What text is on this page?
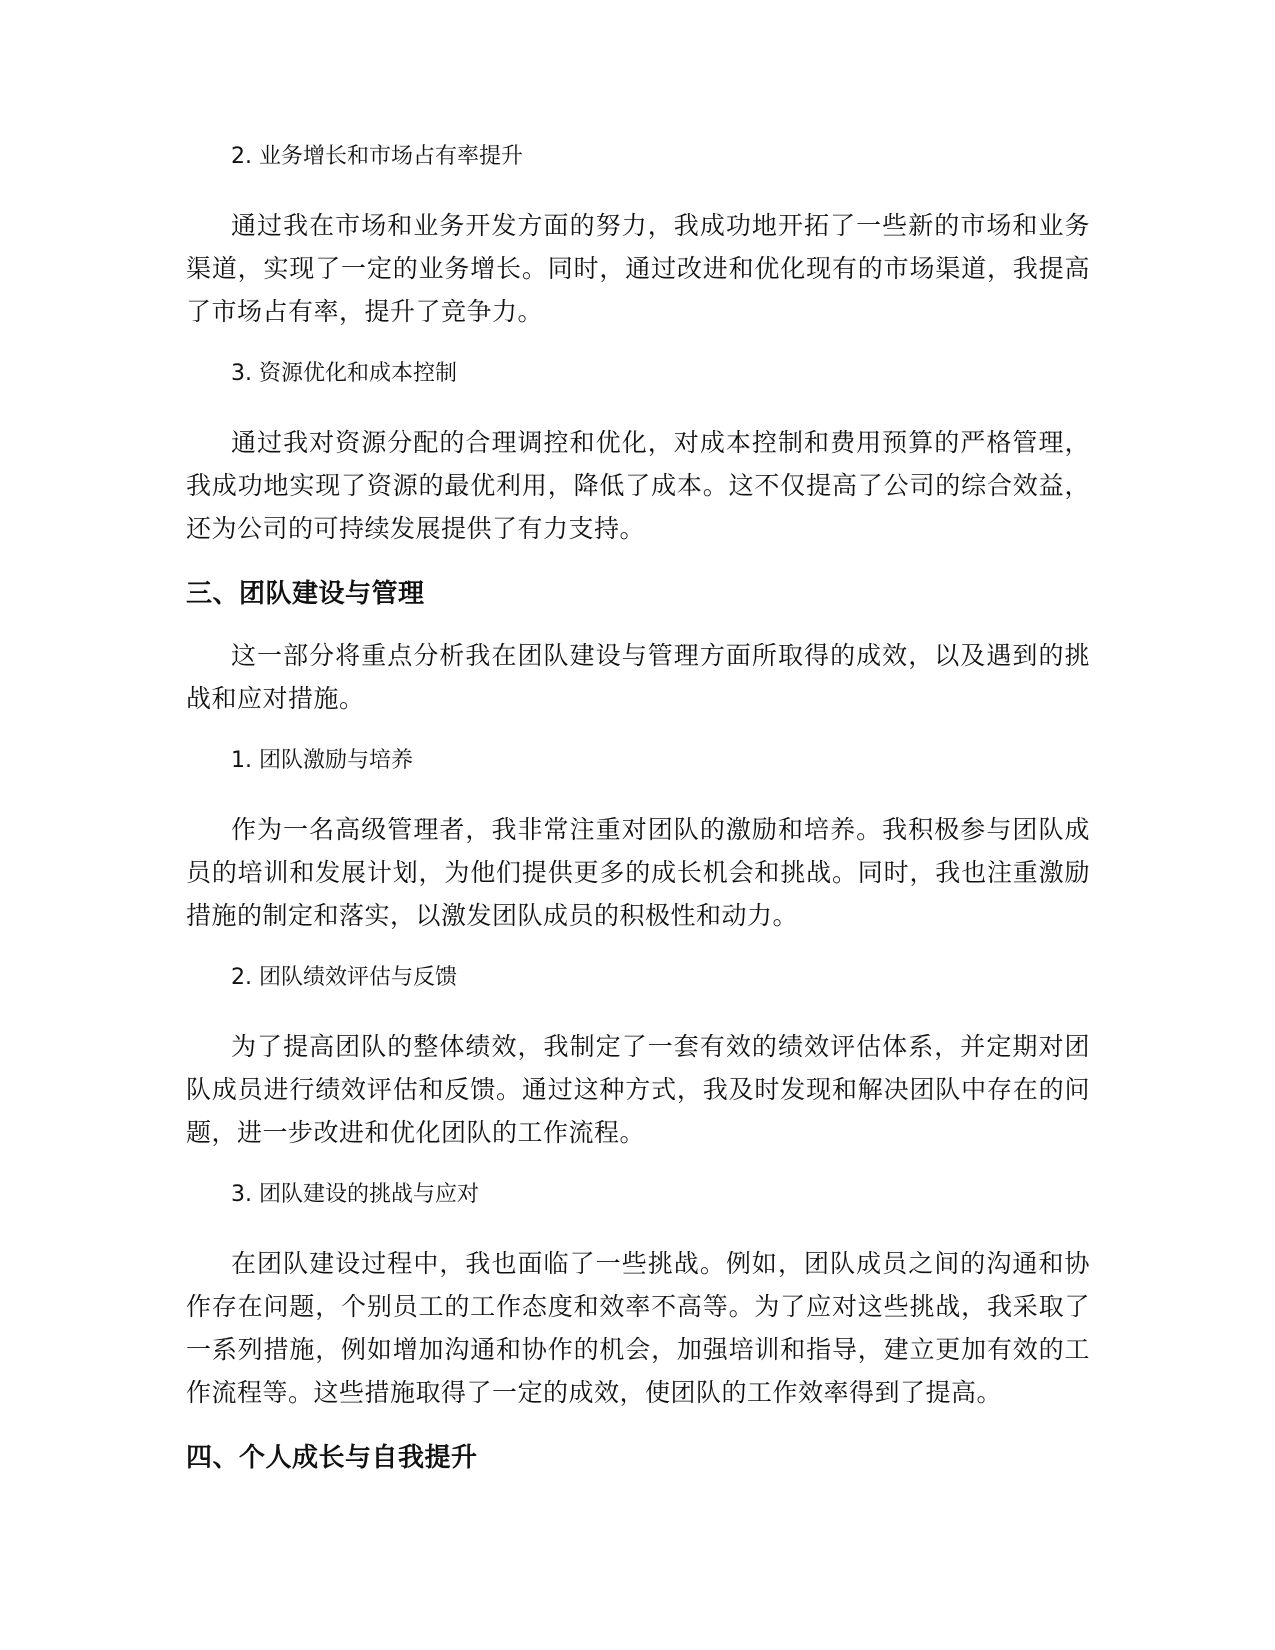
2. 业务增长和市场占有率提升

通过我在市场和业务开发方面的努力，我成功地开拓了一些新的市场和业务渠道，实现了一定的业务增长。同时，通过改进和优化现有的市场渠道，我提高了市场占有率，提升了竞争力。

3. 资源优化和成本控制

通过我对资源分配的合理调控和优化，对成本控制和费用预算的严格管理，我成功地实现了资源的最优利用，降低了成本。这不仅提高了公司的综合效益，还为公司的可持续发展提供了有力支持。

三、团队建设与管理

这一部分将重点分析我在团队建设与管理方面所取得的成效，以及遇到的挑战和应对措施。

1. 团队激励与培养

作为一名高级管理者，我非常注重对团队的激励和培养。我积极参与团队成员的培训和发展计划，为他们提供更多的成长机会和挑战。同时，我也注重激励措施的制定和落实，以激发团队成员的积极性和动力。

2. 团队绩效评估与反馈

为了提高团队的整体绩效，我制定了一套有效的绩效评估体系，并定期对团队成员进行绩效评估和反馈。通过这种方式，我及时发现和解决团队中存在的问题，进一步改进和优化团队的工作流程。

3. 团队建设的挑战与应对

在团队建设过程中，我也面临了一些挑战。例如，团队成员之间的沟通和协作存在问题，个别员工的工作态度和效率不高等。为了应对这些挑战，我采取了一系列措施，例如增加沟通和协作的机会，加强培训和指导，建立更加有效的工作流程等。这些措施取得了一定的成效，使团队的工作效率得到了提高。

四、个人成长与自我提升
